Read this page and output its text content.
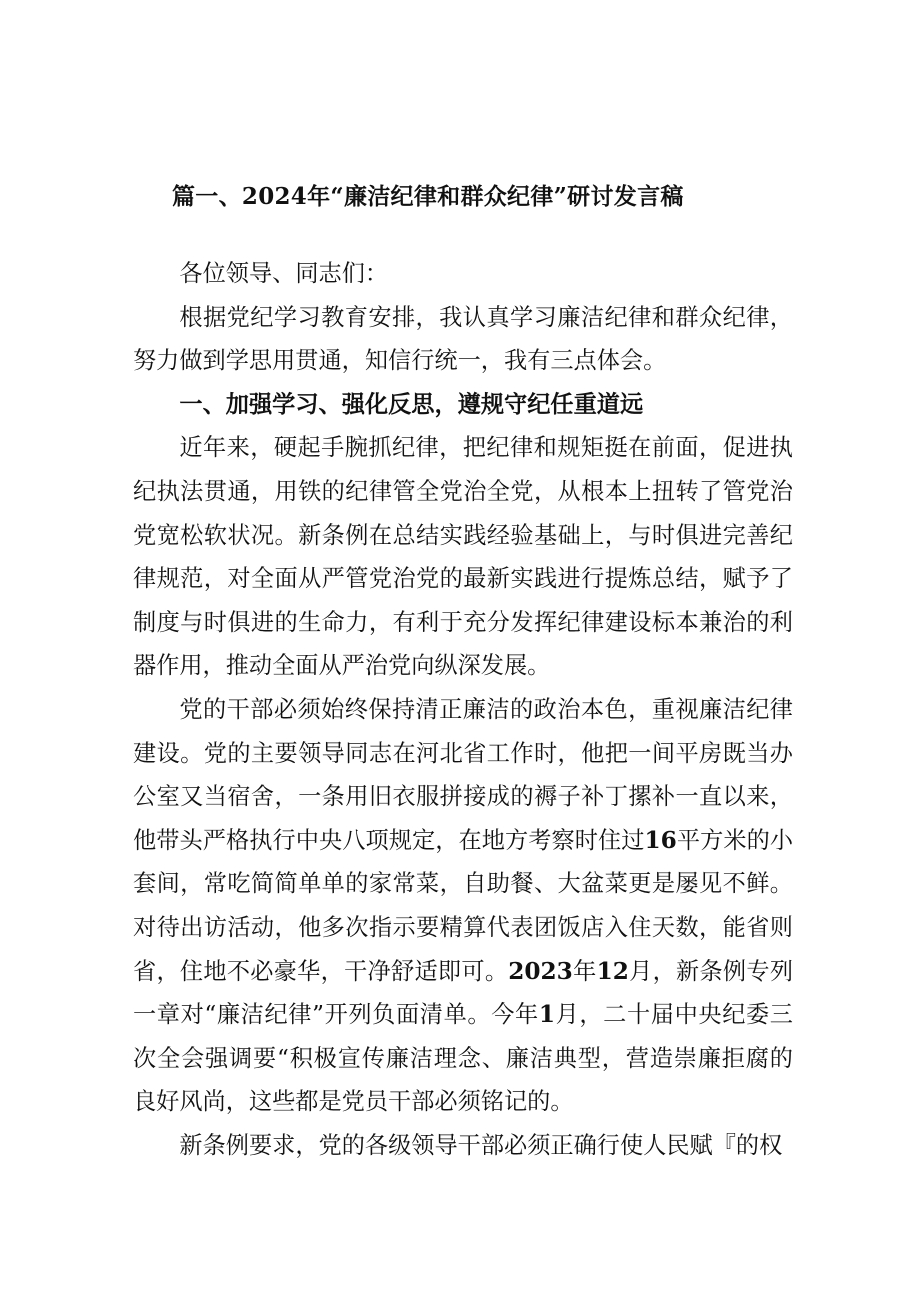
篇一、2024年“廉洁纪律和群众纪律”研讨发言稿

各位领导、同志们：

根据党纪学习教育安排，我认真学习廉洁纪律和群众纪律，努力做到学思用贯通，知信行统一，我有三点体会。

一、加强学习、强化反思，遵规守纪任重道远

近年来，硬起手腕抓纪律，把纪律和规矩挺在前面，促进执纪执法贯通，用铁的纪律管全党治全党，从根本上扭转了管党治党宽松软状况。新条例在总结实践经验基础上，与时俱进完善纪律规范，对全面从严管党治党的最新实践进行提炼总结，赋予了制度与时俱进的生命力，有利于充分发挥纪律建设标本兼治的利器作用，推动全面从严治党向纵深发展。

党的干部必须始终保持清正廉洁的政治本色，重视廉洁纪律建设。党的主要领导同志在河北省工作时，他把一间平房既当办公室又当宿舍，一条用旧衣服拼接成的褥子补丁摞补一直以来，他带头严格执行中央八项规定，在地方考察时住过16平方米的小套间，常吃简简单单的家常菜，自助餐、大盆菜更是屡见不鲜。对待出访活动，他多次指示要精算代表团饭店入住天数，能省则省，住地不必豪华，干净舒适即可。2023年12月，新条例专列一章对“廉洁纪律”开列负面清单。今年1月，二十届中央纪委三次全会强调要“积极宣传廉洁理念、廉洁典型，营造崇廉拒腐的良好风尚，这些都是党员干部必须铭记的。

新条例要求，党的各级领导干部必须正确行使人民赋『的权
